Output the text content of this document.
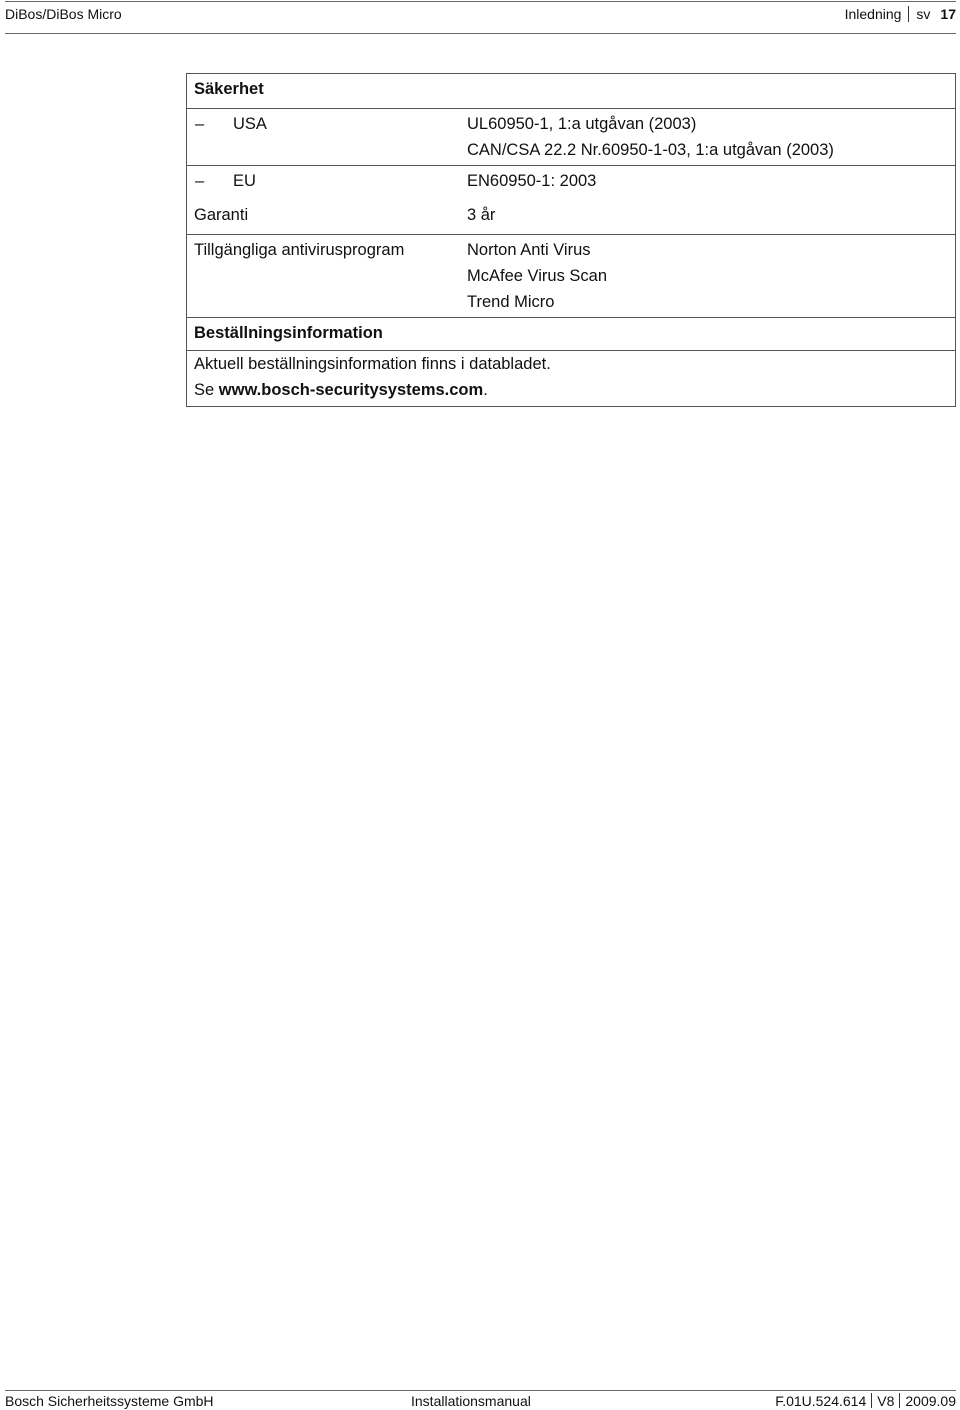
DiBos/DiBos Micro	Inledning sv 17
Säkerhet
– USA	UL60950-1, 1:a utgåvan (2003)
CAN/CSA 22.2 Nr.60950-1-03, 1:a utgåvan (2003)
– EU	EN60950-1: 2003
Garanti	3 år
Tillgängliga antivirusprogram	Norton Anti Virus
McAfee Virus Scan
Trend Micro
Beställningsinformation
Aktuell beställningsinformation finns i databladet.
Se www.bosch-securitysystems.com.
Bosch Sicherheitssysteme GmbH	Installationsmanual	F.01U.524.614 V8 2009.09
